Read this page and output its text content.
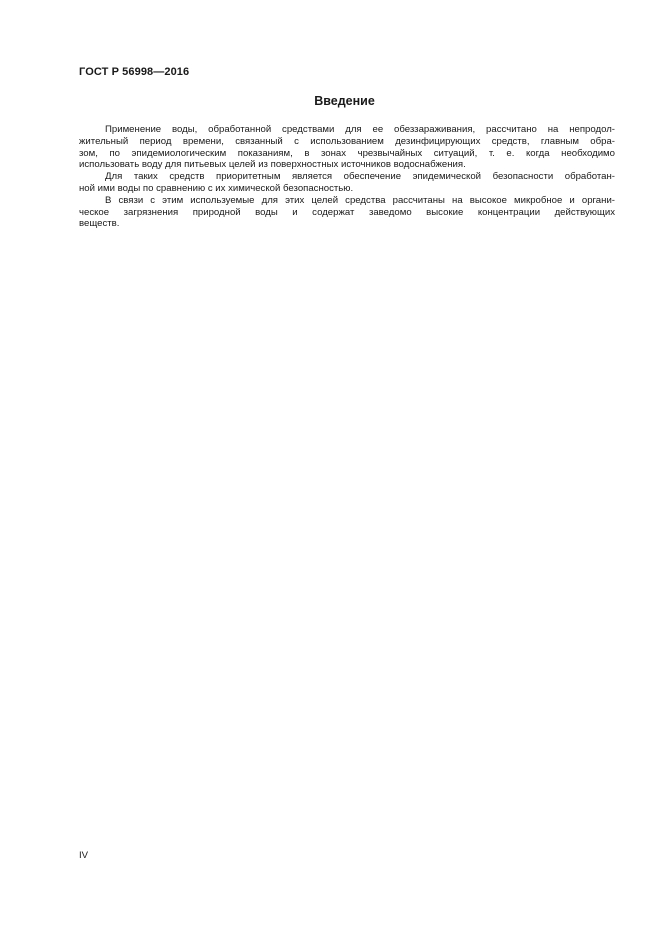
ГОСТ Р 56998—2016
Введение
Применение воды, обработанной средствами для ее обеззараживания, рассчитано на непродол-
жительный период времени, связанный с использованием дезинфицирующих средств, главным обра-
зом, по эпидемиологическим показаниям, в зонах чрезвычайных ситуаций, т. е. когда необходимо
использовать воду для питьевых целей из поверхностных источников водоснабжения.
Для таких средств приоритетным является обеспечение эпидемической безопасности обработан-
ной ими воды по сравнению с их химической безопасностью.
В связи с этим используемые для этих целей средства рассчитаны на высокое микробное и органи-
ческое загрязнения природной воды и содержат заведомо высокие концентрации действующих
веществ.
IV
